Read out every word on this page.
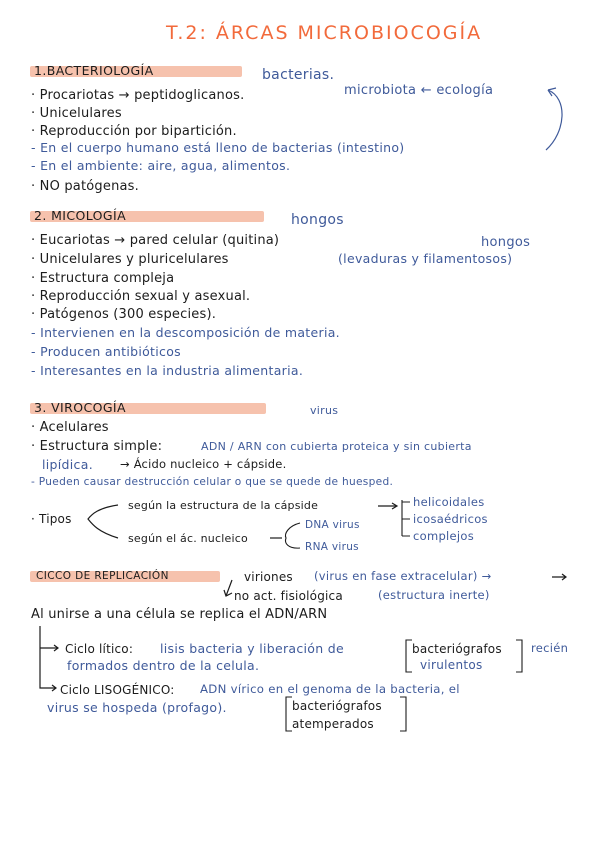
T.2: ÁRCAS MICROBIOCOGÍA
1.BACTERIOLOGÍA	bacterias.
microbiota ← ecología
· Procariotas → peptidoglicanos.
· Unicelulares
· Reproducción por bipartición.
- En el cuerpo humano está lleno de bacterias (intestino)
- En el ambiente: aire, agua, alimentos.
· NO patógenas.
2. MICOLOGÍA	hongos
hongos
· Eucariotas → pared celular (quitina)
· Unicelulares y pluricelulares	(levaduras y filamentosos)
· Estructura compleja
· Reproducción sexual y asexual.
· Patógenos (300 especies).
- Intervienen en la descomposición de materia.
- Producen antibióticos
- Interesantes en la industria alimentaria.
3. VIROCOGÍA	virus
· Acelulares
· Estructura simple:	ADN / ARN con cubierta proteica y sin cubierta
lipídica. → Ácido nucleico + cápside.
- Pueden causar destrucción celular o que se quede de huesped.
· Tipos
según la estructura de la cápside
según el ác. nucleico
helicoidales
icosaédricos
complejos
DNA virus
RNA virus
CICCO DE REPLICACIÓN	viriones (virus en fase extracelular) →
no act. fisiológica	(estructura inerte)
Al unirse a una célula se replica el ADN/ARN
Ciclo lítico: lisis bacteria y liberación de
formados dentro de la celula.
bacteriógrafos
virulentos
recién
Ciclo LISOGÉNICO: ADN vírico en el genoma de la bacteria, el
virus se hospeda (profago).	bacteriógrafos
atemperados
